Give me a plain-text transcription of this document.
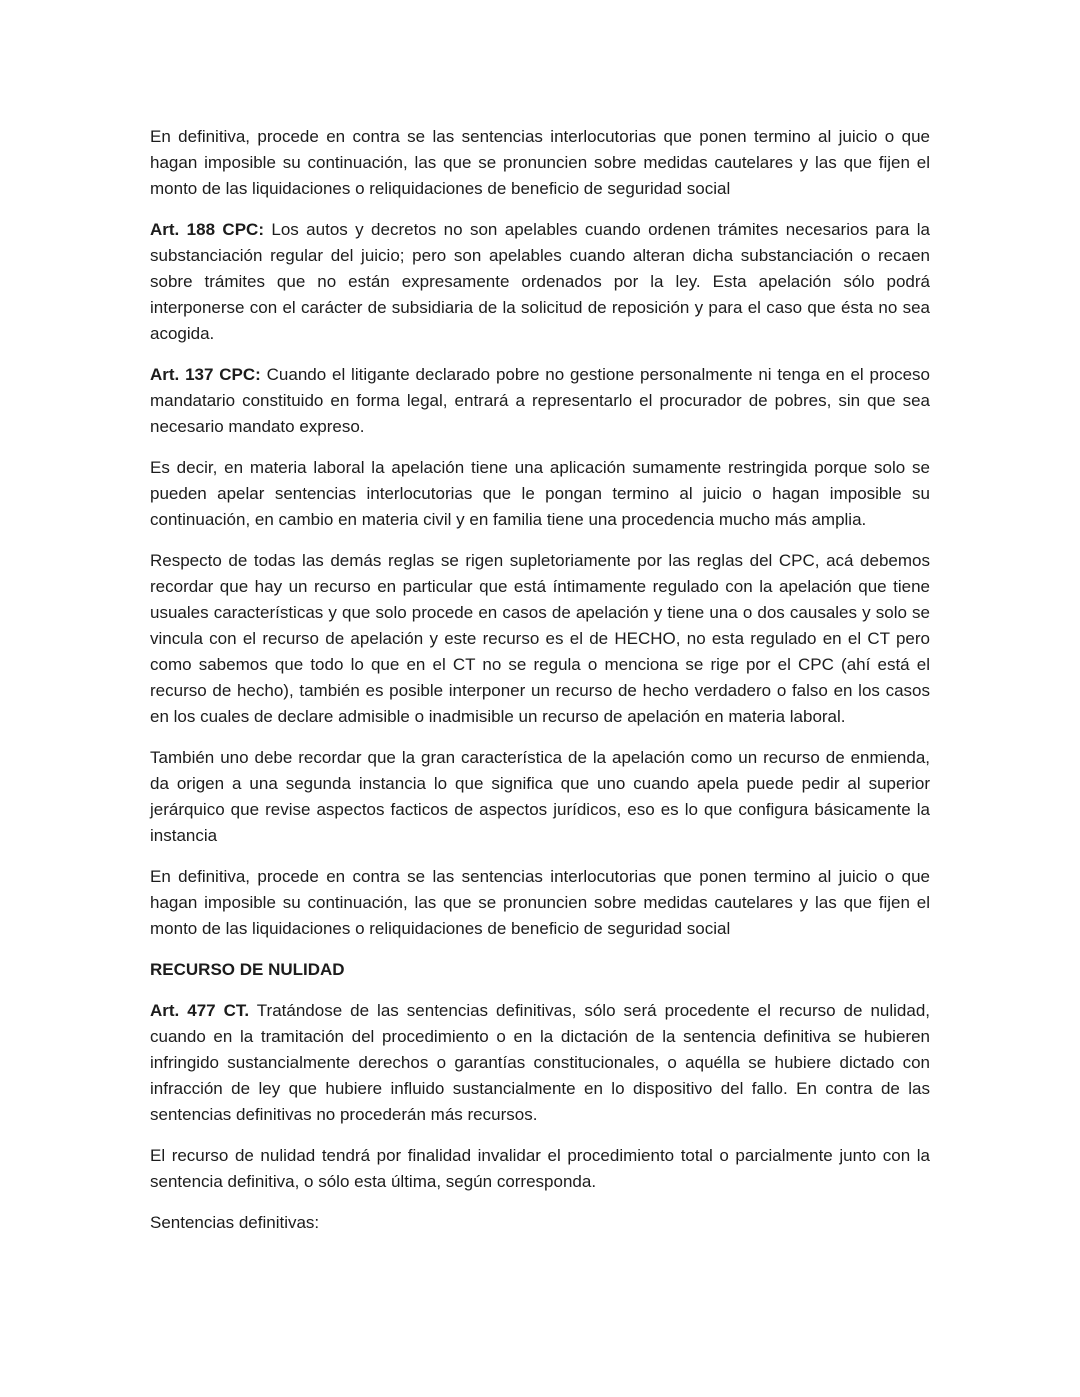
En definitiva, procede en contra se las sentencias interlocutorias que ponen termino al juicio o que hagan imposible su continuación, las que se pronuncien sobre medidas cautelares y las que fijen el monto de las liquidaciones o reliquidaciones de beneficio de seguridad social

Art. 188 CPC: Los autos y decretos no son apelables cuando ordenen trámites necesarios para la substanciación regular del juicio; pero son apelables cuando alteran dicha substanciación o recaen sobre trámites que no están expresamente ordenados por la ley. Esta apelación sólo podrá interponerse con el carácter de subsidiaria de la solicitud de reposición y para el caso que ésta no sea acogida.

Art. 137 CPC: Cuando el litigante declarado pobre no gestione personalmente ni tenga en el proceso mandatario constituido en forma legal, entrará a representarlo el procurador de pobres, sin que sea necesario mandato expreso.

Es decir, en materia laboral la apelación tiene una aplicación sumamente restringida porque solo se pueden apelar sentencias interlocutorias que le pongan termino al juicio o hagan imposible su continuación, en cambio en materia civil y en familia tiene una procedencia mucho más amplia.

Respecto de todas las demás reglas se rigen supletoriamente por las reglas del CPC, acá debemos recordar que hay un recurso en particular que está íntimamente regulado con la apelación que tiene usuales características y que solo procede en casos de apelación y tiene una o dos causales y solo se vincula con el recurso de apelación y este recurso es el de HECHO, no esta regulado en el CT pero como sabemos que todo lo que en el CT no se regula o menciona se rige por el CPC (ahí está el recurso de hecho), también es posible interponer un recurso de hecho verdadero o falso en los casos en los cuales de declare admisible o inadmisible un recurso de apelación en materia laboral.

También uno debe recordar que la gran característica de la apelación como un recurso de enmienda, da origen a una segunda instancia lo que significa que uno cuando apela puede pedir al superior jerárquico que revise aspectos facticos de aspectos jurídicos, eso es lo que configura básicamente la instancia

En definitiva, procede en contra se las sentencias interlocutorias que ponen termino al juicio o que hagan imposible su continuación, las que se pronuncien sobre medidas cautelares y las que fijen el monto de las liquidaciones o reliquidaciones de beneficio de seguridad social

RECURSO DE NULIDAD

Art. 477 CT. Tratándose de las sentencias definitivas, sólo será procedente el recurso de nulidad, cuando en la tramitación del procedimiento o en la dictación de la sentencia definitiva se hubieren infringido sustancialmente derechos o garantías constitucionales, o aquélla se hubiere dictado con infracción de ley que hubiere influido sustancialmente en lo dispositivo del fallo. En contra de las sentencias definitivas no procederán más recursos.

El recurso de nulidad tendrá por finalidad invalidar el procedimiento total o parcialmente junto con la sentencia definitiva, o sólo esta última, según corresponda.

Sentencias definitivas:
